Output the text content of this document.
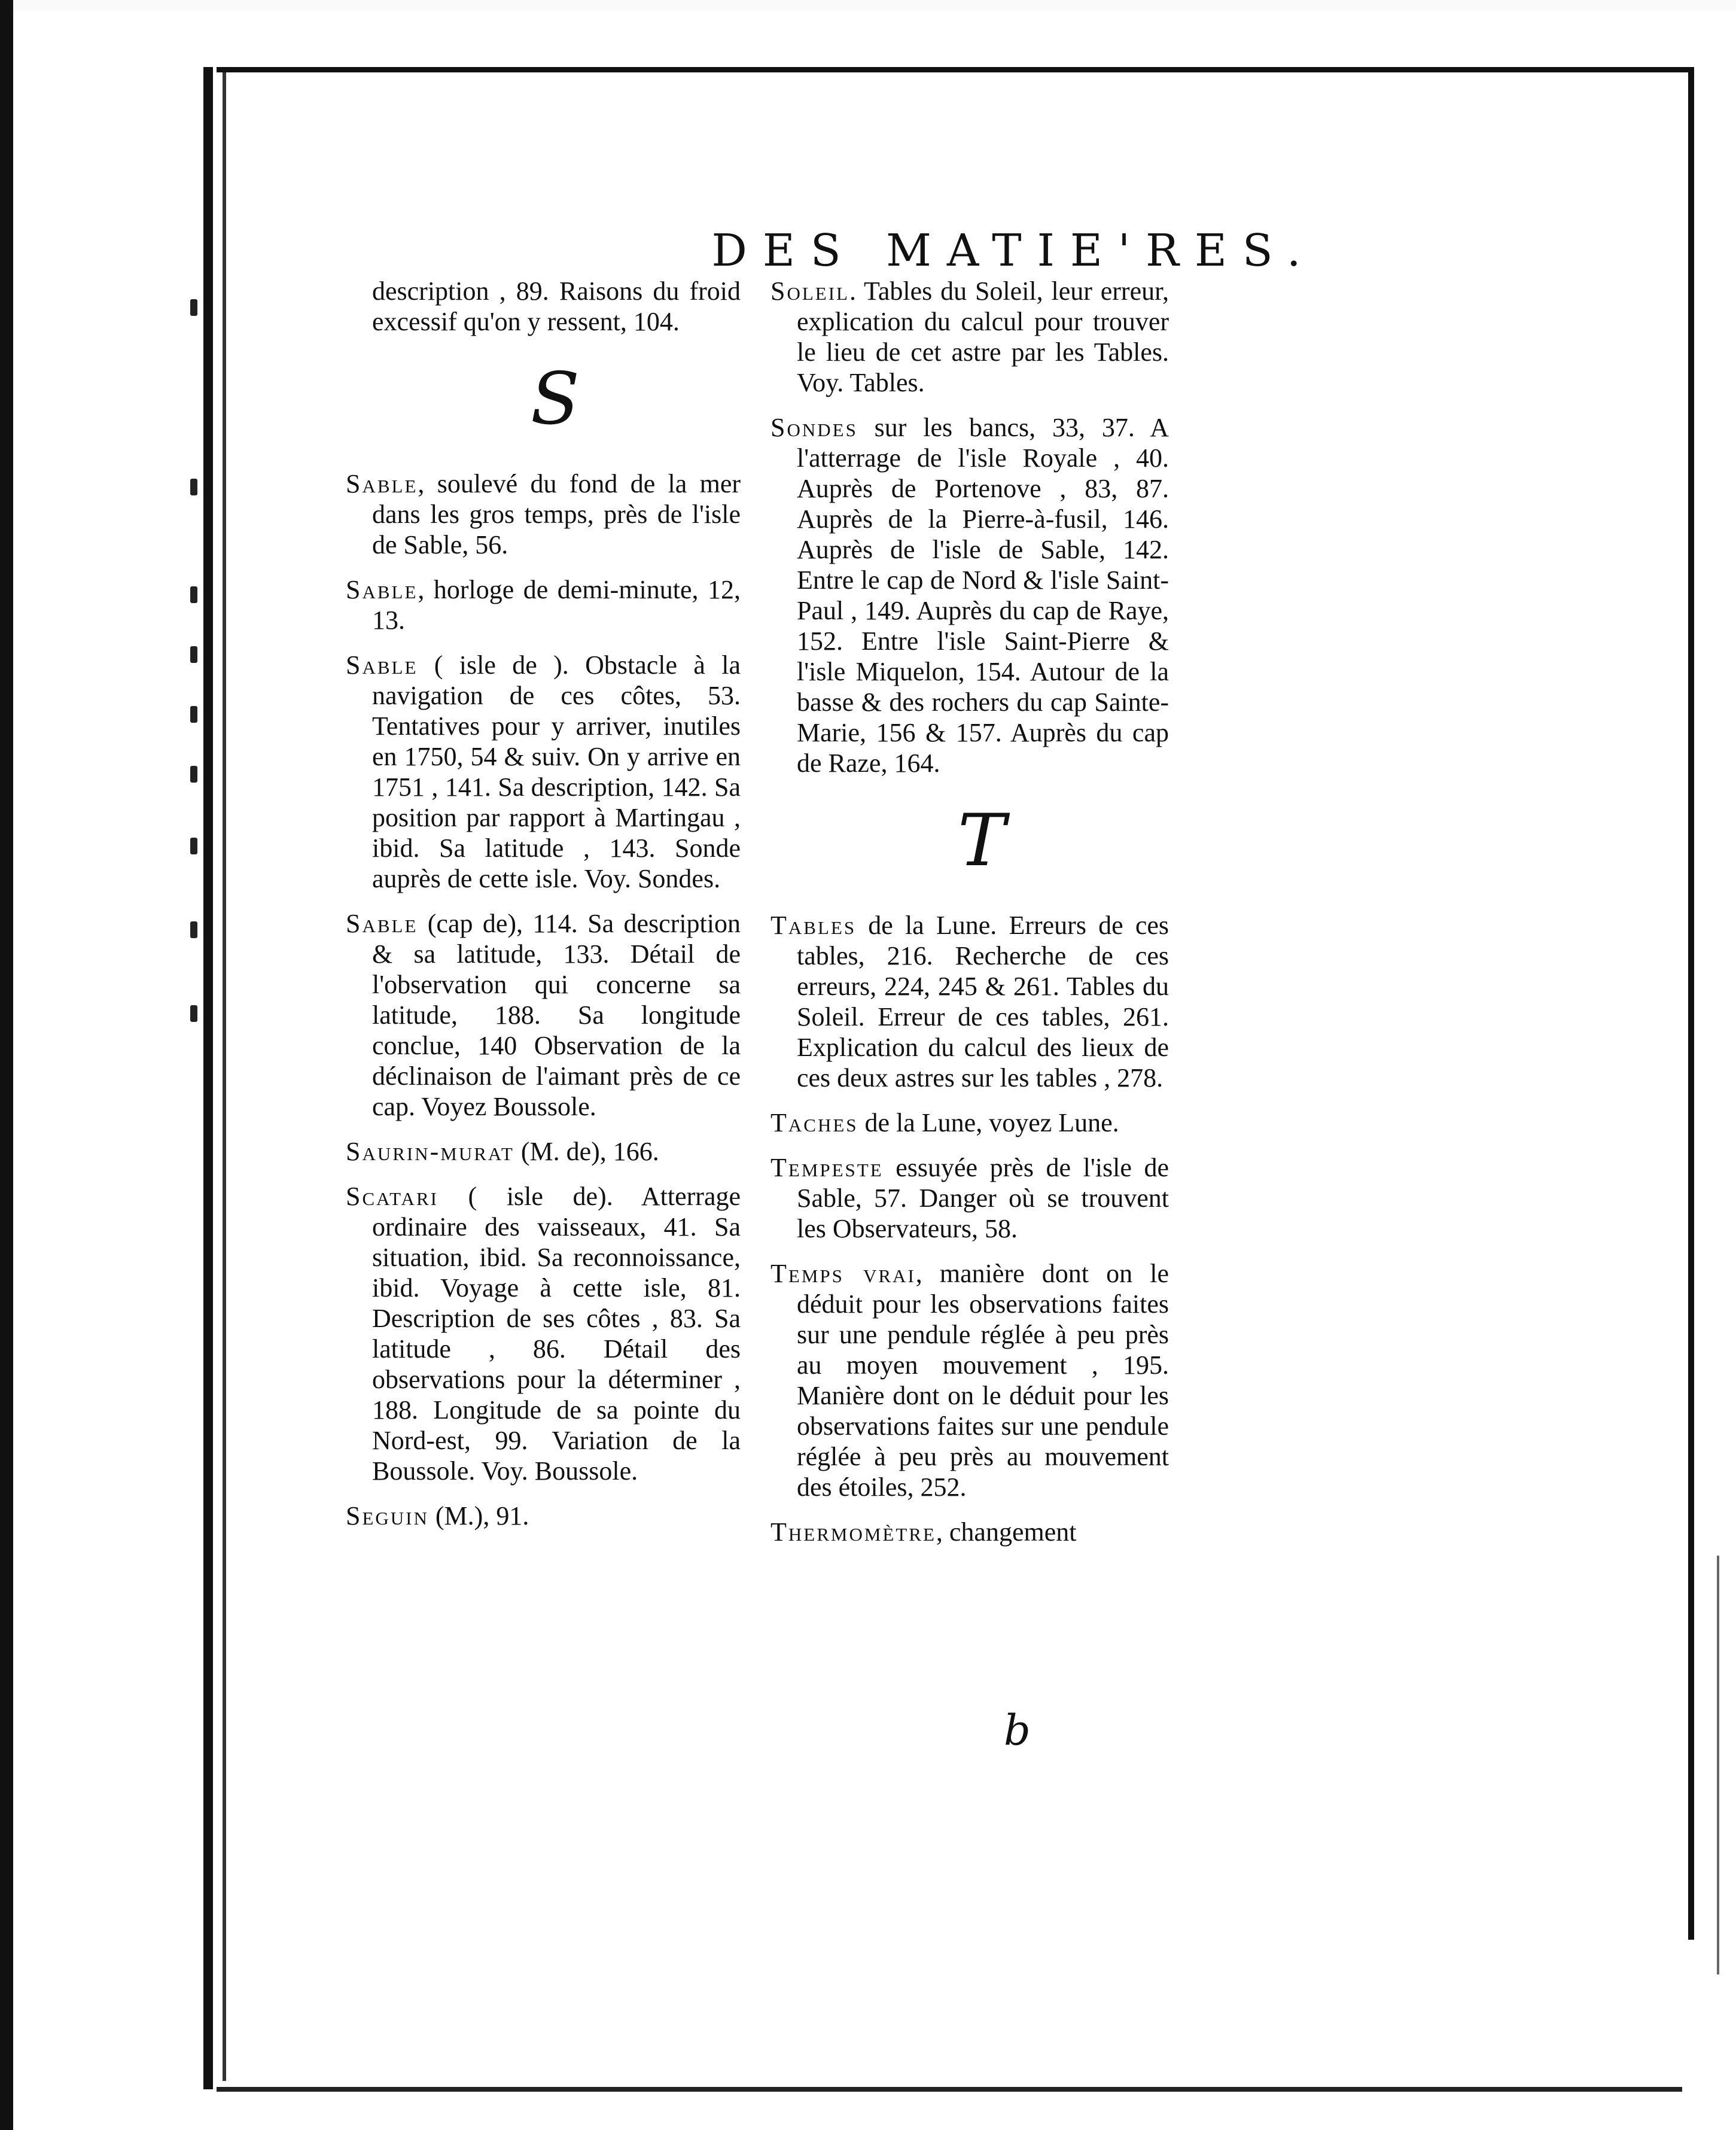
DES MATIE'RES.

description , 89. Raisons du froid excessif qu'on y ressent, 104.

S

Sable, soulevé du fond de la mer dans les gros temps, près de l'isle de Sable, 56.

Sable, horloge de demi-minute, 12, 13.

Sable ( isle de ). Obstacle à la navigation de ces côtes, 53. Tentatives pour y arriver, inutiles en 1750, 54 & suiv. On y arrive en 1751 , 141. Sa description, 142. Sa position par rapport à Martingau , ibid. Sa latitude , 143. Sonde auprès de cette isle. Voy. Sondes.

Sable (cap de), 114. Sa description & sa latitude, 133. Détail de l'observation qui concerne sa latitude, 188. Sa longitude conclue, 140 Observation de la déclinaison de l'aimant près de ce cap. Voyez Boussole.

Saurin-murat (M. de), 166.

Scatari ( isle de). Atterrage ordinaire des vaisseaux, 41. Sa situation, ibid. Sa reconnoissance, ibid. Voyage à cette isle, 81. Description de ses côtes , 83. Sa latitude , 86. Détail des observations pour la déterminer , 188. Longitude de sa pointe du Nord-est, 99. Variation de la Boussole. Voy. Boussole.

Seguin (M.), 91.

Soleil. Tables du Soleil, leur erreur, explication du calcul pour trouver le lieu de cet astre par les Tables. Voy. Tables.

Sondes sur les bancs, 33, 37. A l'atterrage de l'isle Royale , 40. Auprès de Portenove , 83, 87. Auprès de la Pierre-à-fusil, 146. Auprès de l'isle de Sable, 142. Entre le cap de Nord & l'isle Saint-Paul , 149. Auprès du cap de Raye, 152. Entre l'isle Saint-Pierre & l'isle Miquelon, 154. Autour de la basse & des rochers du cap Sainte-Marie, 156 & 157. Auprès du cap de Raze, 164.

T

Tables de la Lune. Erreurs de ces tables, 216. Recherche de ces erreurs, 224, 245 & 261. Tables du Soleil. Erreur de ces tables, 261. Explication du calcul des lieux de ces deux astres sur les tables , 278.

Taches de la Lune, voyez Lune.

Tempeste essuyée près de l'isle de Sable, 57. Danger où se trouvent les Observateurs, 58.

Temps vrai, manière dont on le déduit pour les observations faites sur une pendule réglée à peu près au moyen mouvement , 195. Manière dont on le déduit pour les observations faites sur une pendule réglée à peu près au mouvement des étoiles, 252.

Thermomètre, changement

b
